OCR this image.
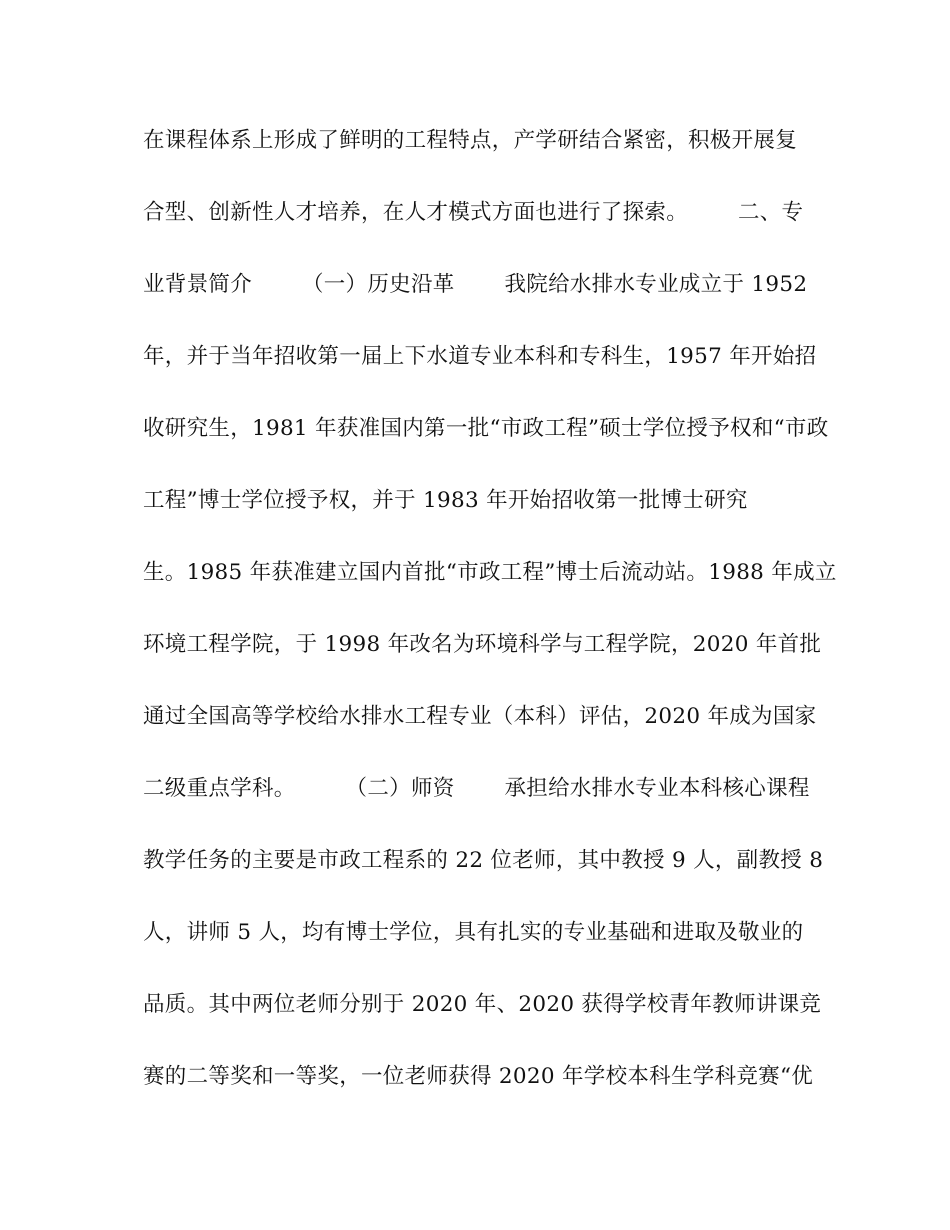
在课程体系上形成了鲜明的工程特点，产学研结合紧密，积极开展复
合型、创新性人才培养，在人才模式方面也进行了探索。       二、专
业背景简介       （一）历史沿革       我院给水排水专业成立于 1952
年，并于当年招收第一届上下水道专业本科和专科生，1957 年开始招
收研究生，1981 年获准国内第一批“市政工程”硕士学位授予权和“市政
工程”博士学位授予权，并于 1983 年开始招收第一批博士研究
生。1985 年获准建立国内首批“市政工程”博士后流动站。1988 年成立
环境工程学院，于 1998 年改名为环境科学与工程学院，2020 年首批
通过全国高等学校给水排水工程专业（本科）评估，2020 年成为国家
二级重点学科。       （二）师资       承担给水排水专业本科核心课程
教学任务的主要是市政工程系的 22 位老师，其中教授 9 人，副教授 8
人，讲师 5 人，均有博士学位，具有扎实的专业基础和进取及敬业的
品质。其中两位老师分别于 2020 年、2020 获得学校青年教师讲课竞
赛的二等奖和一等奖，一位老师获得 2020 年学校本科生学科竞赛“优
